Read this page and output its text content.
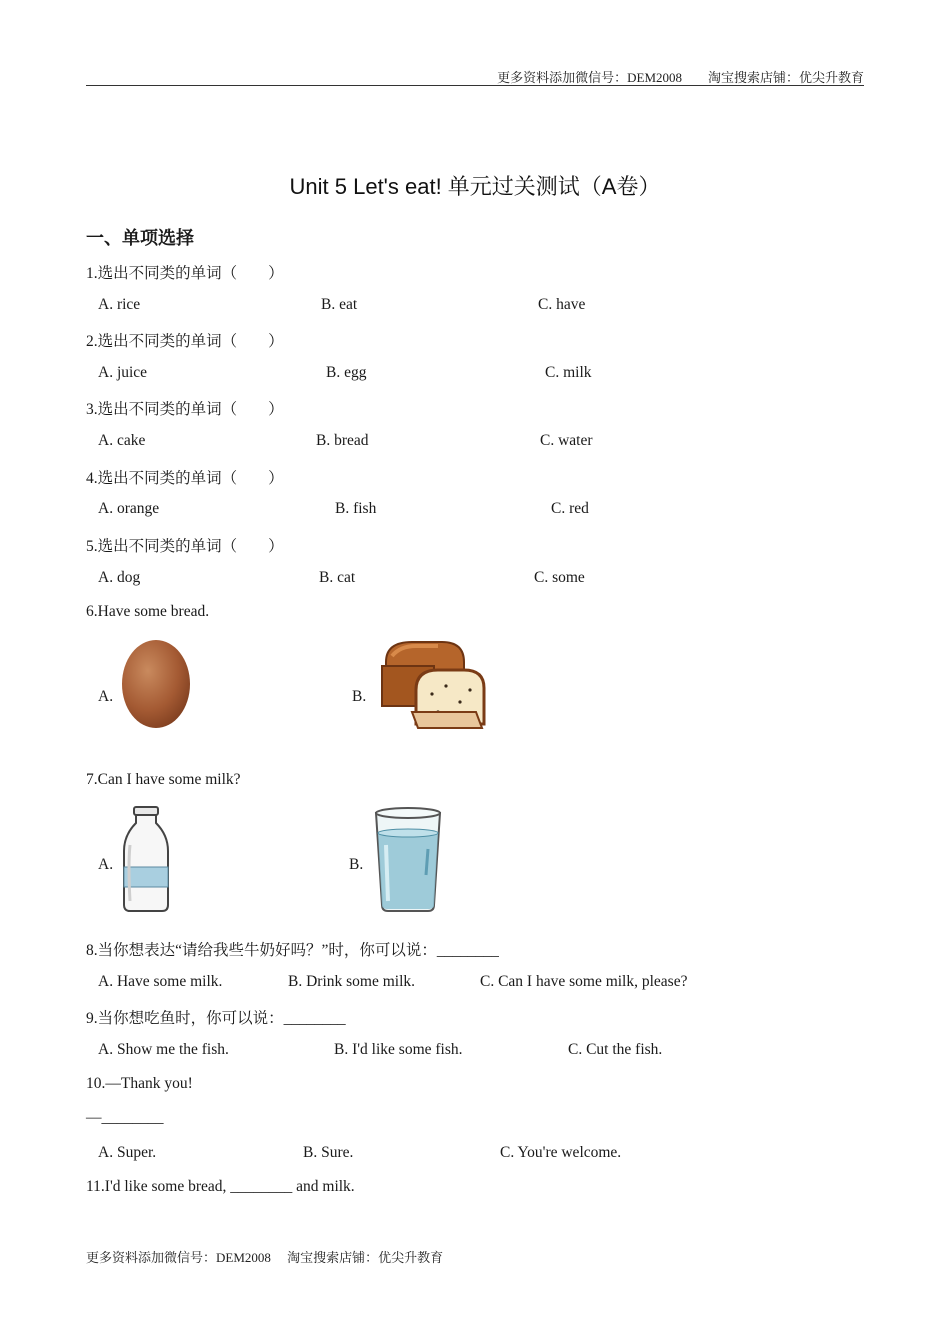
更多资料添加微信号：DEM2008　　淘宝搜索店铺：优尖升教育
Unit 5 Let's eat! 单元过关测试（A卷）
一、单项选择
1.选出不同类的单词（　　）
A. rice	B. eat	C. have
2.选出不同类的单词（　　）
A. juice	B. egg	C. milk
3.选出不同类的单词（　　）
A. cake	B. bread	C. water
4.选出不同类的单词（　　）
A. orange	B. fish	C. red
5.选出不同类的单词（　　）
A. dog	B. cat	C. some
6.Have some bread.
A.	B.
7.Can I have some milk?
A.	B.
8.当你想表达“请给我些牛奶好吗？”时，你可以说：________
A. Have some milk.	B. Drink some milk.	C. Can I have some milk, please?
9.当你想吃鱼时，你可以说：________
A. Show me the fish.	B. I'd like some fish.	C. Cut the fish.
10.—Thank you!
—________
A. Super.	B. Sure.	C. You're welcome.
11.I'd like some bread, ________ and milk.
更多资料添加微信号：DEM2008　 淘宝搜索店铺：优尖升教育
